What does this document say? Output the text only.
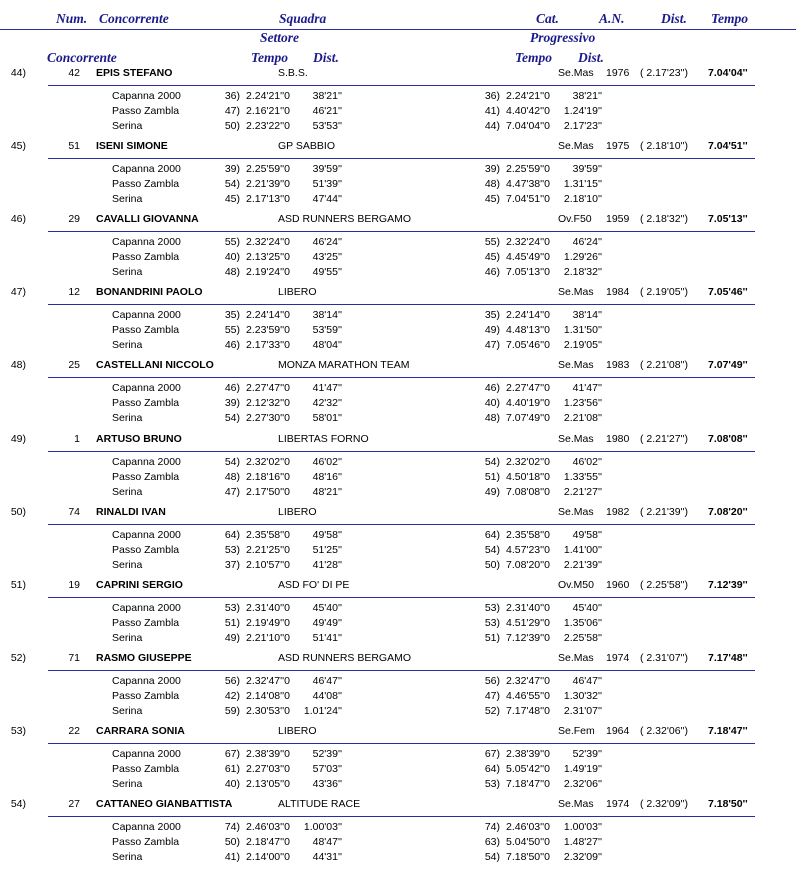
Num. Concorrente	Squadra	Cat.	A.N.	Dist. Tempo
Settore	Progressivo
Concorrente	Tempo Dist.	Tempo Dist.
44)	42 EPIS STEFANO	S.B.S.	Se.Mas 1976 ( 2.17'23'') 7.04'04''
Capanna 2000	36) 2.24'21''0	38'21''	36) 2.24'21''0	38'21''
Passo Zambla	47) 2.16'21''0	46'21''	41) 4.40'42''0	1.24'19''
Serina	50) 2.23'22''0	53'53''	44) 7.04'04''0	2.17'23''
45)	51 ISENI SIMONE	GP SABBIO	Se.Mas 1975 ( 2.18'10'') 7.04'51''
Capanna 2000	39) 2.25'59''0	39'59''	39) 2.25'59''0	39'59''
Passo Zambla	54) 2.21'39''0	51'39''	48) 4.47'38''0	1.31'15''
Serina	45) 2.17'13''0	47'44''	45) 7.04'51''0	2.18'10''
46)	29 CAVALLI GIOVANNA	ASD RUNNERS BERGAMO	Ov.F50 1959 ( 2.18'32'') 7.05'13''
Capanna 2000	55) 2.32'24''0	46'24''	55) 2.32'24''0	46'24''
Passo Zambla	40) 2.13'25''0	43'25''	45) 4.45'49''0	1.29'26''
Serina	48) 2.19'24''0	49'55''	46) 7.05'13''0	2.18'32''
47)	12 BONANDRINI PAOLO	LIBERO	Se.Mas 1984 ( 2.19'05'') 7.05'46''
Capanna 2000	35) 2.24'14''0	38'14''	35) 2.24'14''0	38'14''
Passo Zambla	55) 2.23'59''0	53'59''	49) 4.48'13''0	1.31'50''
Serina	46) 2.17'33''0	48'04''	47) 7.05'46''0	2.19'05''
48)	25 CASTELLANI NICCOLO	MONZA MARATHON TEAM	Se.Mas 1983 ( 2.21'08'') 7.07'49''
Capanna 2000	46) 2.27'47''0	41'47''	46) 2.27'47''0	41'47''
Passo Zambla	39) 2.12'32''0	42'32''	40) 4.40'19''0	1.23'56''
Serina	54) 2.27'30''0	58'01''	48) 7.07'49''0	2.21'08''
49)	1 ARTUSO BRUNO	LIBERTAS FORNO	Se.Mas 1980 ( 2.21'27'') 7.08'08''
Capanna 2000	54) 2.32'02''0	46'02''	54) 2.32'02''0	46'02''
Passo Zambla	48) 2.18'16''0	48'16''	51) 4.50'18''0	1.33'55''
Serina	47) 2.17'50''0	48'21''	49) 7.08'08''0	2.21'27''
50)	74 RINALDI IVAN	LIBERO	Se.Mas 1982 ( 2.21'39'') 7.08'20''
Capanna 2000	64) 2.35'58''0	49'58''	64) 2.35'58''0	49'58''
Passo Zambla	53) 2.21'25''0	51'25''	54) 4.57'23''0	1.41'00''
Serina	37) 2.10'57''0	41'28''	50) 7.08'20''0	2.21'39''
51)	19 CAPRINI SERGIO	ASD FO' DI PE	Ov.M50 1960 ( 2.25'58'') 7.12'39''
Capanna 2000	53) 2.31'40''0	45'40''	53) 2.31'40''0	45'40''
Passo Zambla	51) 2.19'49''0	49'49''	53) 4.51'29''0	1.35'06''
Serina	49) 2.21'10''0	51'41''	51) 7.12'39''0	2.25'58''
52)	71 RASMO GIUSEPPE	ASD RUNNERS BERGAMO	Se.Mas 1974 ( 2.31'07'') 7.17'48''
Capanna 2000	56) 2.32'47''0	46'47''	56) 2.32'47''0	46'47''
Passo Zambla	42) 2.14'08''0	44'08''	47) 4.46'55''0	1.30'32''
Serina	59) 2.30'53''0	1.01'24''	52) 7.17'48''0	2.31'07''
53)	22 CARRARA SONIA	LIBERO	Se.Fem 1964 ( 2.32'06'') 7.18'47''
Capanna 2000	67) 2.38'39''0	52'39''	67) 2.38'39''0	52'39''
Passo Zambla	61) 2.27'03''0	57'03''	64) 5.05'42''0	1.49'19''
Serina	40) 2.13'05''0	43'36''	53) 7.18'47''0	2.32'06''
54)	27 CATTANEO GIANBATTISTA	ALTITUDE RACE	Se.Mas 1974 ( 2.32'09'') 7.18'50''
Capanna 2000	74) 2.46'03''0	1.00'03''	74) 2.46'03''0	1.00'03''
Passo Zambla	50) 2.18'47''0	48'47''	63) 5.04'50''0	1.48'27''
Serina	41) 2.14'00''0	44'31''	54) 7.18'50''0	2.32'09''
